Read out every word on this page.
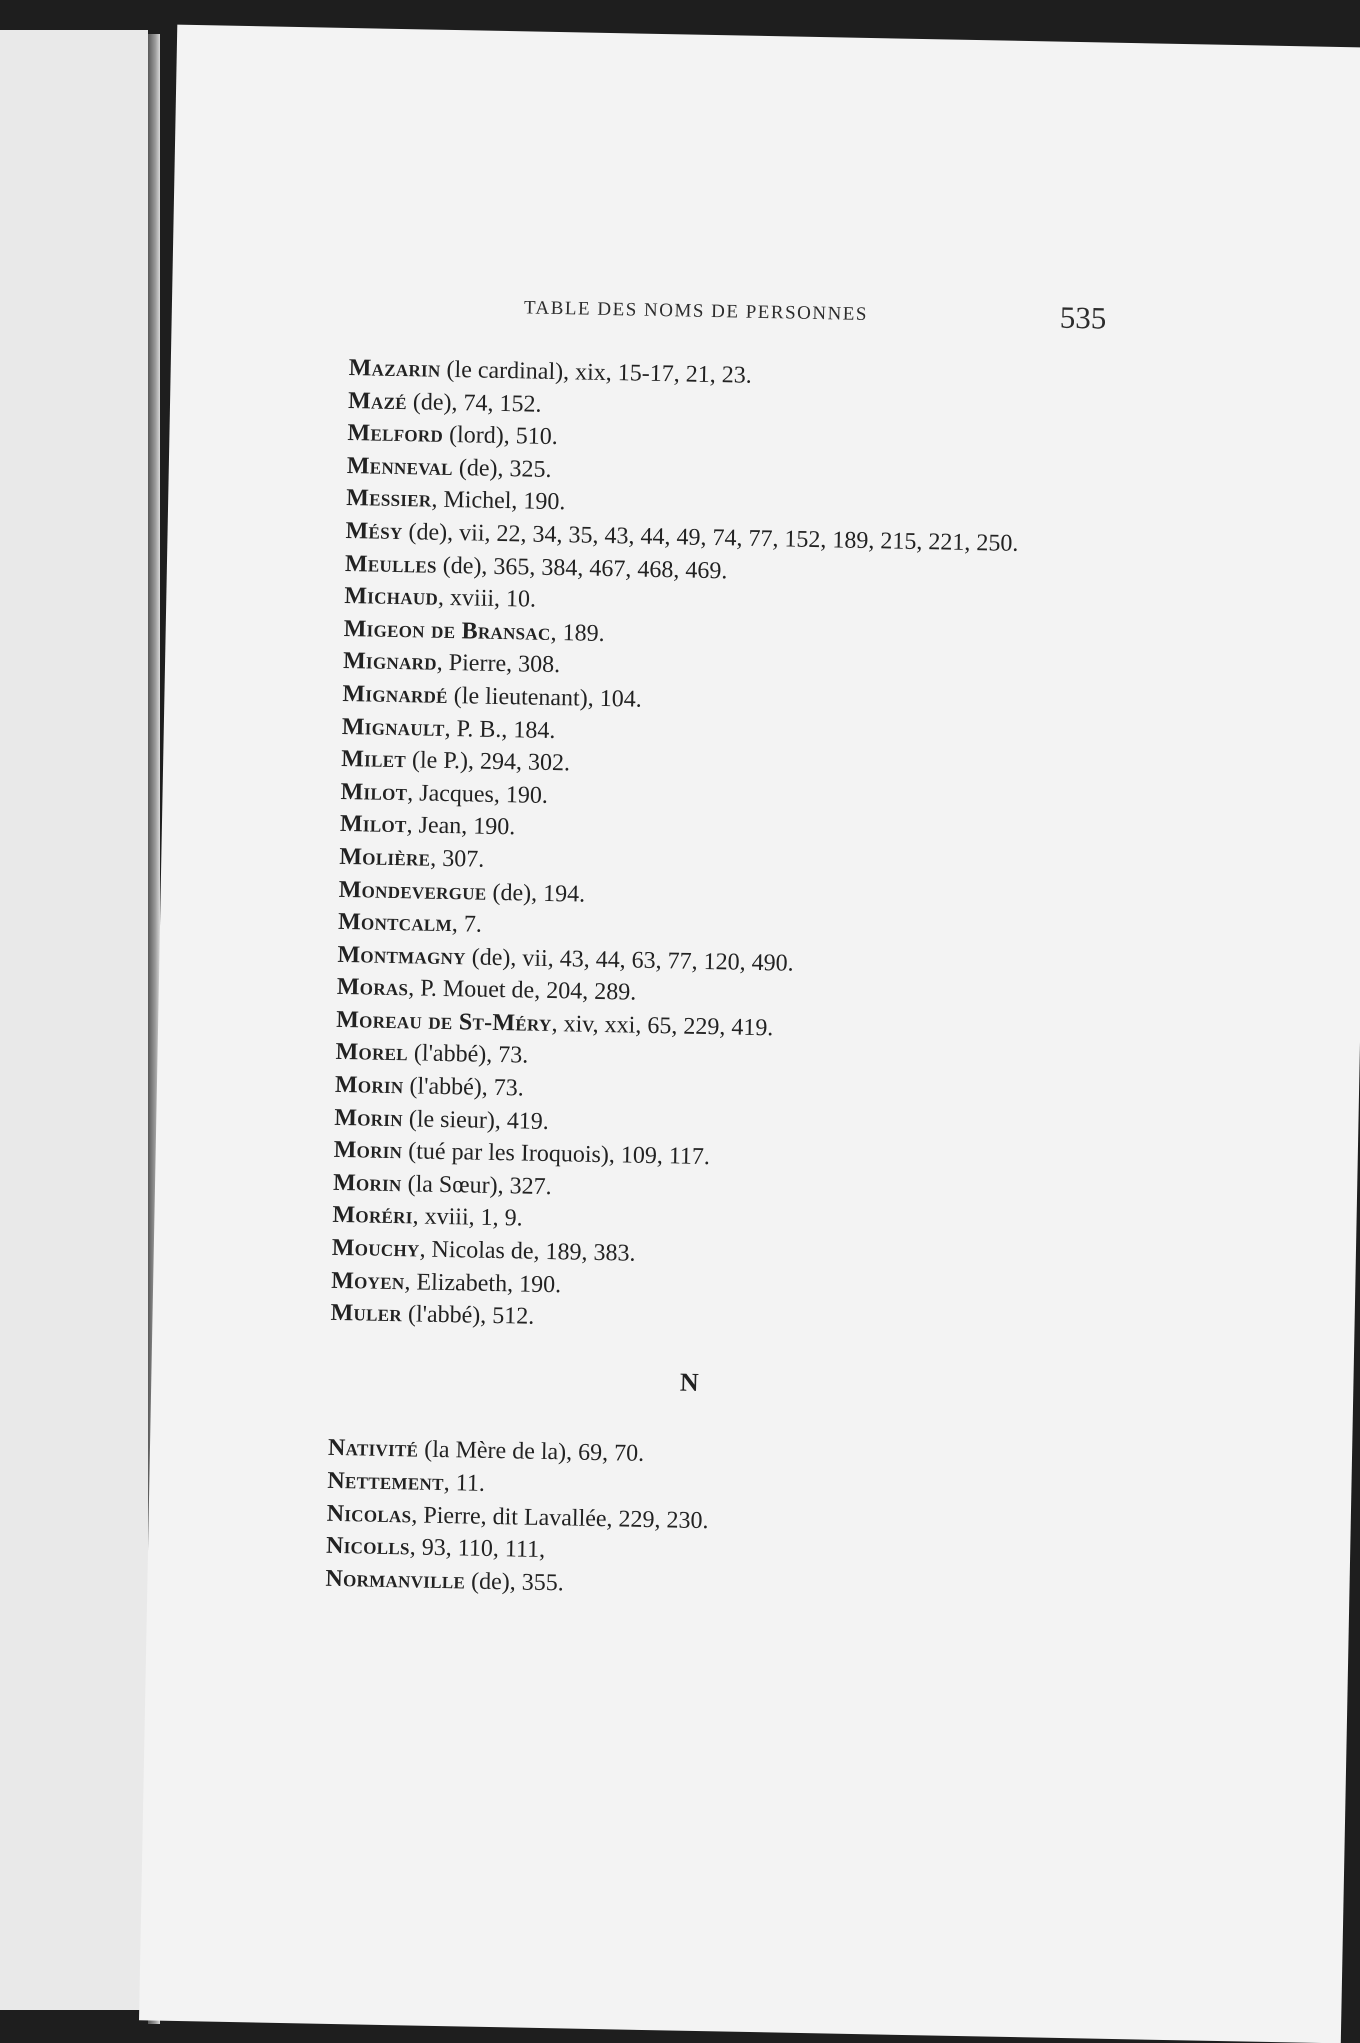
TABLE DES NOMS DE PERSONNES	535

Mazarin (le cardinal), xix, 15-17, 21, 23.

Mazé (de), 74, 152.

Melford (lord), 510.

Menneval (de), 325.

Messier, Michel, 190.

Mésy (de), vii, 22, 34, 35, 43, 44, 49, 74, 77, 152, 189, 215, 221, 250.

Meulles (de), 365, 384, 467, 468, 469.

Michaud, xviii, 10.

Migeon de Bransac, 189.

Mignard, Pierre, 308.

Mignardé (le lieutenant), 104.

Mignault, P. B., 184.

Milet (le P.), 294, 302.

Milot, Jacques, 190.

Milot, Jean, 190.

Molière, 307.

Mondevergue (de), 194.

Montcalm, 7.

Montmagny (de), vii, 43, 44, 63, 77, 120, 490.

Moras, P. Mouet de, 204, 289.

Moreau de St-Méry, xiv, xxi, 65, 229, 419.

Morel (l'abbé), 73.

Morin (l'abbé), 73.

Morin (le sieur), 419.

Morin (tué par les Iroquois), 109, 117.

Morin (la Sœur), 327.

Moréri, xviii, 1, 9.

Mouchy, Nicolas de, 189, 383.

Moyen, Elizabeth, 190.

Muler (l'abbé), 512.

N

Nativité (la Mère de la), 69, 70.

Nettement, 11.

Nicolas, Pierre, dit Lavallée, 229, 230.

Nicolls, 93, 110, 111,

Normanville (de), 355.
